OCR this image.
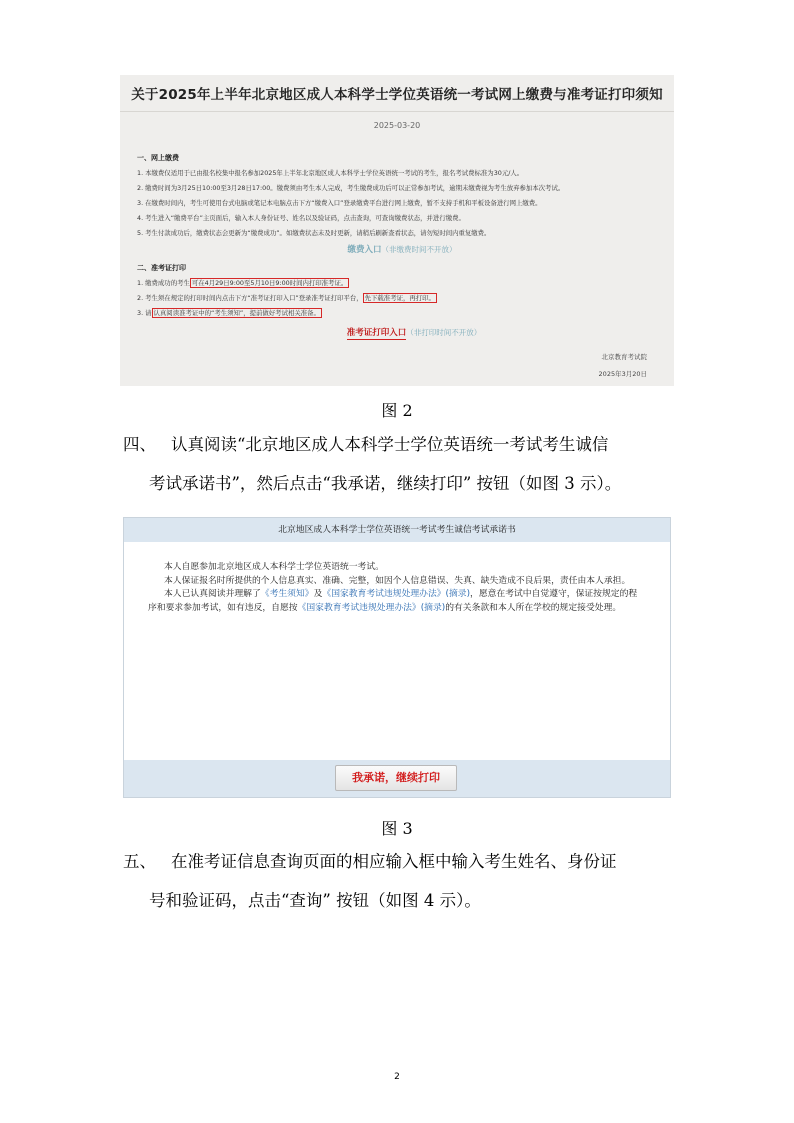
关于2025年上半年北京地区成人本科学士学位英语统一考试网上缴费与准考证打印须知
2025-03-20
一、网上缴费
1. 本缴费仅适用于已由报名校集中报名参加2025年上半年北京地区成人本科学士学位英语统一考试的考生，报名考试费标准为30元/人。
2. 缴费时间为3月25日10:00至3月28日17:00。缴费须由考生本人完成，考生缴费成功后可以正常参加考试，逾期未缴费视为考生放弃参加本次考试。
3. 在缴费时间内，考生可使用台式电脑或笔记本电脑点击下方“缴费入口”登录缴费平台进行网上缴费，暂不支持手机和平板设备进行网上缴费。
4. 考生进入“缴费平台”主页面后，输入本人身份证号、姓名以及验证码，点击查询，可查询缴费状态，并进行缴费。
5. 考生付款成功后，缴费状态会更新为“缴费成功”。如缴费状态未及时更新，请稍后刷新查看状态，请勿短时间内重复缴费。
缴费入口（非缴费时间不开放）
二、准考证打印
1. 缴费成功的考生 可在4月29日9:00至5月10日9:00时间内打印准考证。
2. 考生须在规定的打印时间内点击下方“准考证打印入口”登录准考证打印平台， 先下载准考证，再打印。
3. 请 认真阅读准考证中的“考生须知”，提前做好考试相关准备。
准考证打印入口（非打印时间不开放）
北京教育考试院
2025年3月20日
图 2
四、 认真阅读“北京地区成人本科学士学位英语统一考试考生诚信
考试承诺书”，然后点击“我承诺，继续打印” 按钮（如图 3 示）。
北京地区成人本科学士学位英语统一考试考生诚信考试承诺书

本人自愿参加北京地区成人本科学士学位英语统一考试。

本人保证报名时所提供的个人信息真实、准确、完整，如因个人信息错误、失真、缺失造成不良后果，责任由本人承担。

本人已认真阅读并理解了《考生须知》及《国家教育考试违规处理办法》(摘录)，愿意在考试中自觉遵守，保证按规定的程序和要求参加考试，如有违反，自愿按《国家教育考试违规处理办法》(摘录)的有关条款和本人所在学校的规定接受处理。

我承诺，继续打印
图 3
五、 在准考证信息查询页面的相应输入框中输入考生姓名、身份证
号和验证码，点击“查询” 按钮（如图 4 示）。
2
